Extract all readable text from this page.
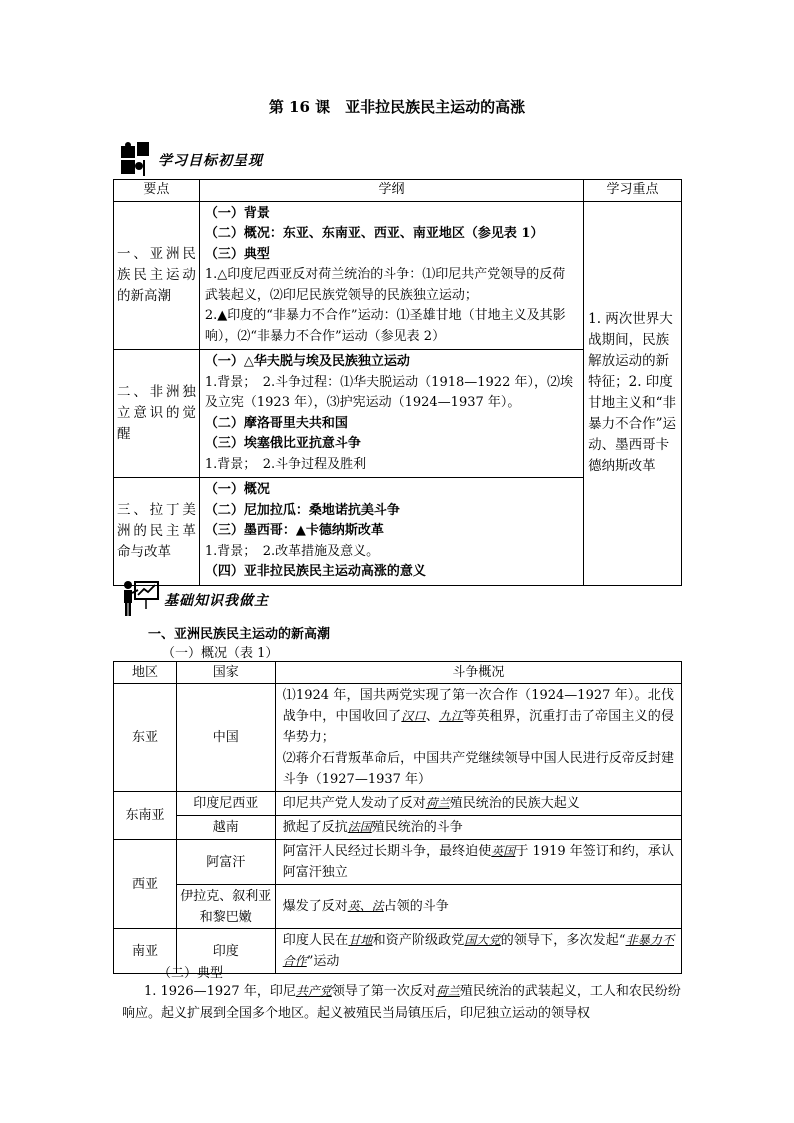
第 16 课　亚非拉民族民主运动的高涨
学习目标初呈现
要点	学纲	学习重点
一、亚洲民族民主运动的新高潮	（一）背景
（二）概况：东亚、东南亚、西亚、南亚地区（参见表 1）
（三）典型
1.△印度尼西亚反对荷兰统治的斗争：⑴印尼共产党领导的反荷武装起义，⑵印尼民族党领导的民族独立运动；
2.▲印度的“非暴力不合作”运动：⑴圣雄甘地（甘地主义及其影响），⑵“非暴力不合作”运动（参见表 2）	1. 两次世界大战期间，民族解放运动的新特征；2. 印度甘地主义和“非暴力不合作”运动、墨西哥卡德纳斯改革
二、非洲独立意识的觉醒	（一）△华夫脱与埃及民族独立运动
1.背景；　2.斗争过程：⑴华夫脱运动（1918—1922 年），⑵埃及立宪（1923 年），⑶护宪运动（1924—1937 年）。
（二）摩洛哥里夫共和国
（三）埃塞俄比亚抗意斗争
1.背景；　2.斗争过程及胜利	

三、拉丁美洲的民主革命与改革	（一）概况
（二）尼加拉瓜：桑地诺抗美斗争
（三）墨西哥：▲卡德纳斯改革
1.背景；　2.改革措施及意义。
（四）亚非拉民族民主运动高涨的意义	
基础知识我做主
一、亚洲民族民主运动的新高潮
（一）概况（表 1）
地区	国家	斗争概况
东亚	中国	⑴1924 年，国共两党实现了第一次合作（1924—1927 年）。北伐战争中，中国收回了汉口、九江等英租界，沉重打击了帝国主义的侵华势力；
⑵蒋介石背叛革命后，中国共产党继续领导中国人民进行反帝反封建斗争（1927—1937 年）

东南亚	印度尼西亚	印尼共产党人发动了反对荷兰殖民统治的民族大起义
	越南	掀起了反抗法国殖民统治的斗争
西亚	阿富汗	阿富汗人民经过长期斗争，最终迫使英国于 1919 年签订和约，承认阿富汗独立
	伊拉克、叙利亚和黎巴嫩	爆发了反对英、法占领的斗争
南亚	印度	印度人民在甘地和资产阶级政党国大党的领导下，多次发起“非暴力不合作”运动
（二）典型
1. 1926—1927 年，印尼共产党领导了第一次反对荷兰殖民统治的武装起义，工人和农民纷纷响应。起义扩展到全国多个地区。起义被殖民当局镇压后，印尼独立运动的领导权
